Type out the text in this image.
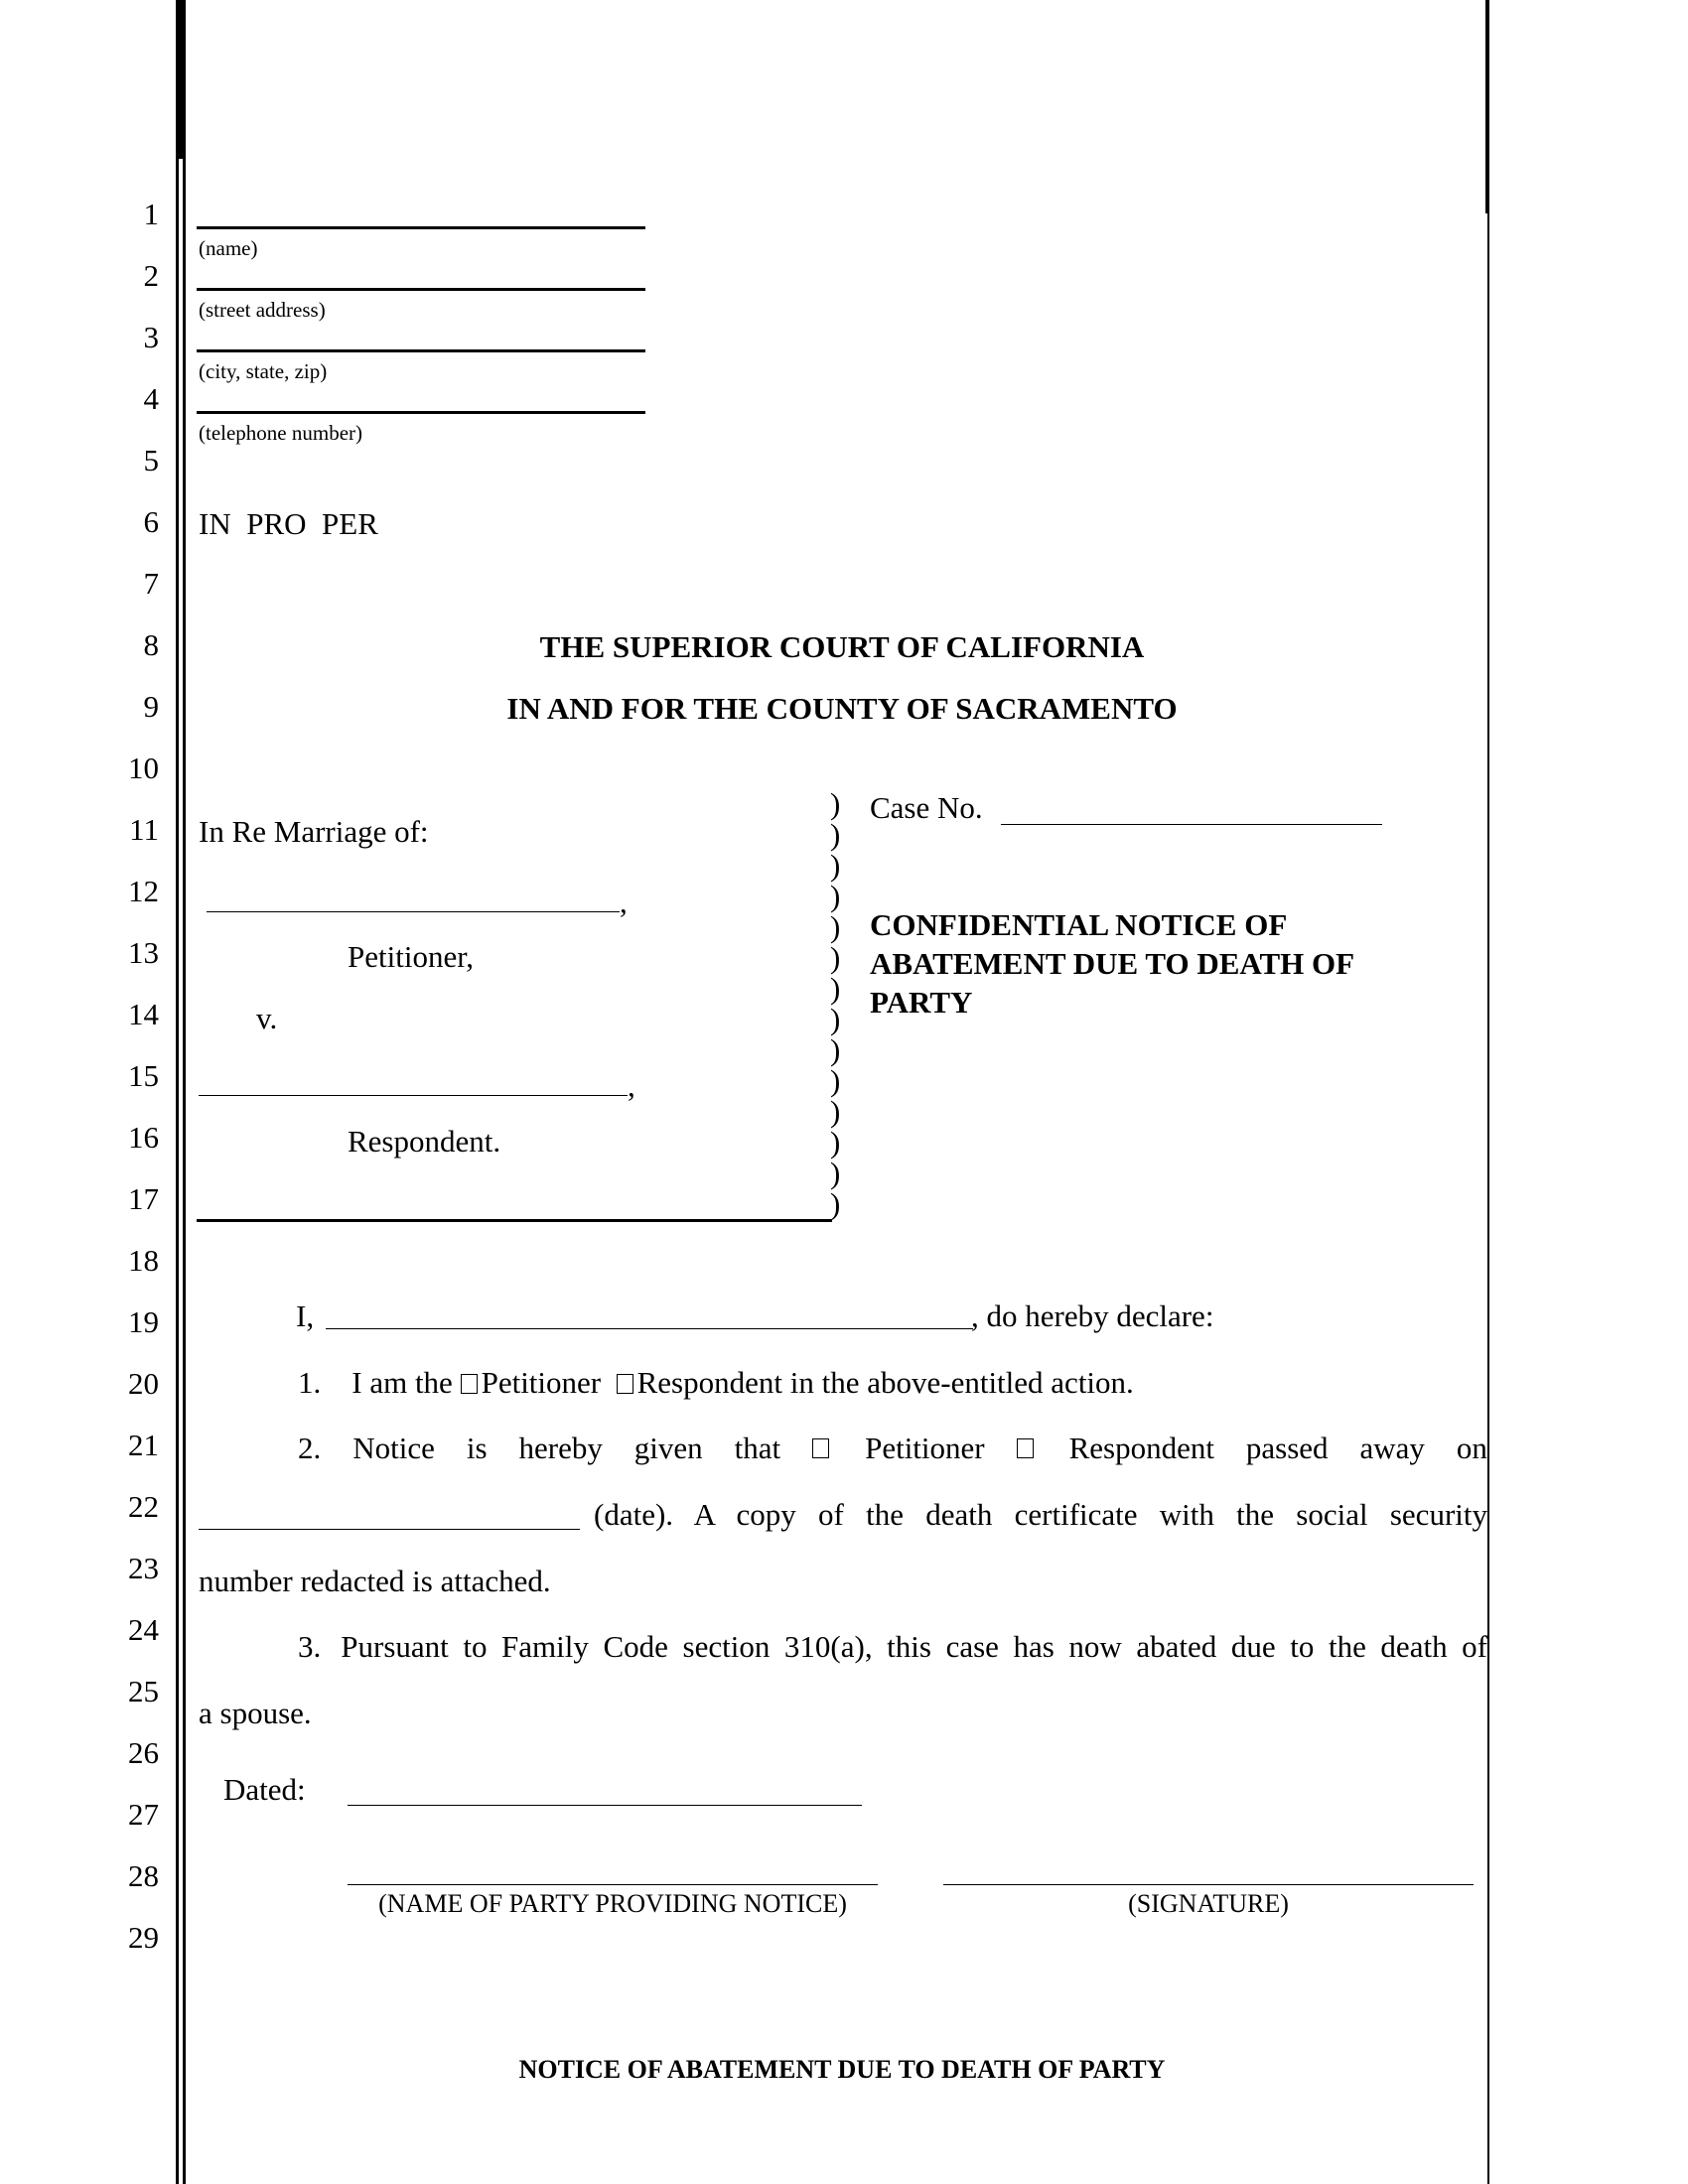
1
2
3
4
5
6
7
8
9
10
11
12
13
14
15
16
17
18
19
20
21
22
23
24
25
26
27
28
29
(name)
(street address)
(city, state, zip)
(telephone number)
IN  PRO  PER
THE SUPERIOR COURT OF CALIFORNIA
IN AND FOR THE COUNTY OF SACRAMENTO
In Re Marriage of:
,
Petitioner,
v.
,
Respondent.
)
)
)
)
)
)
)
)
)
)
)
)
)
)
Case No.
CONFIDENTIAL NOTICE OF
ABATEMENT DUE TO DEATH OF
PARTY
I,	, do hereby declare:
1. I am the Petitioner Respondent in the above-entitled action.
2. Notice is hereby given that	Petitioner	Respondent passed away on
(date). A copy of the death certificate with the social security
number redacted is attached.
3. Pursuant to Family Code section 310(a), this case has now abated due to the death of
a spouse.
Dated:
(NAME OF PARTY PROVIDING NOTICE)	(SIGNATURE)
NOTICE OF ABATEMENT DUE TO DEATH OF PARTY
